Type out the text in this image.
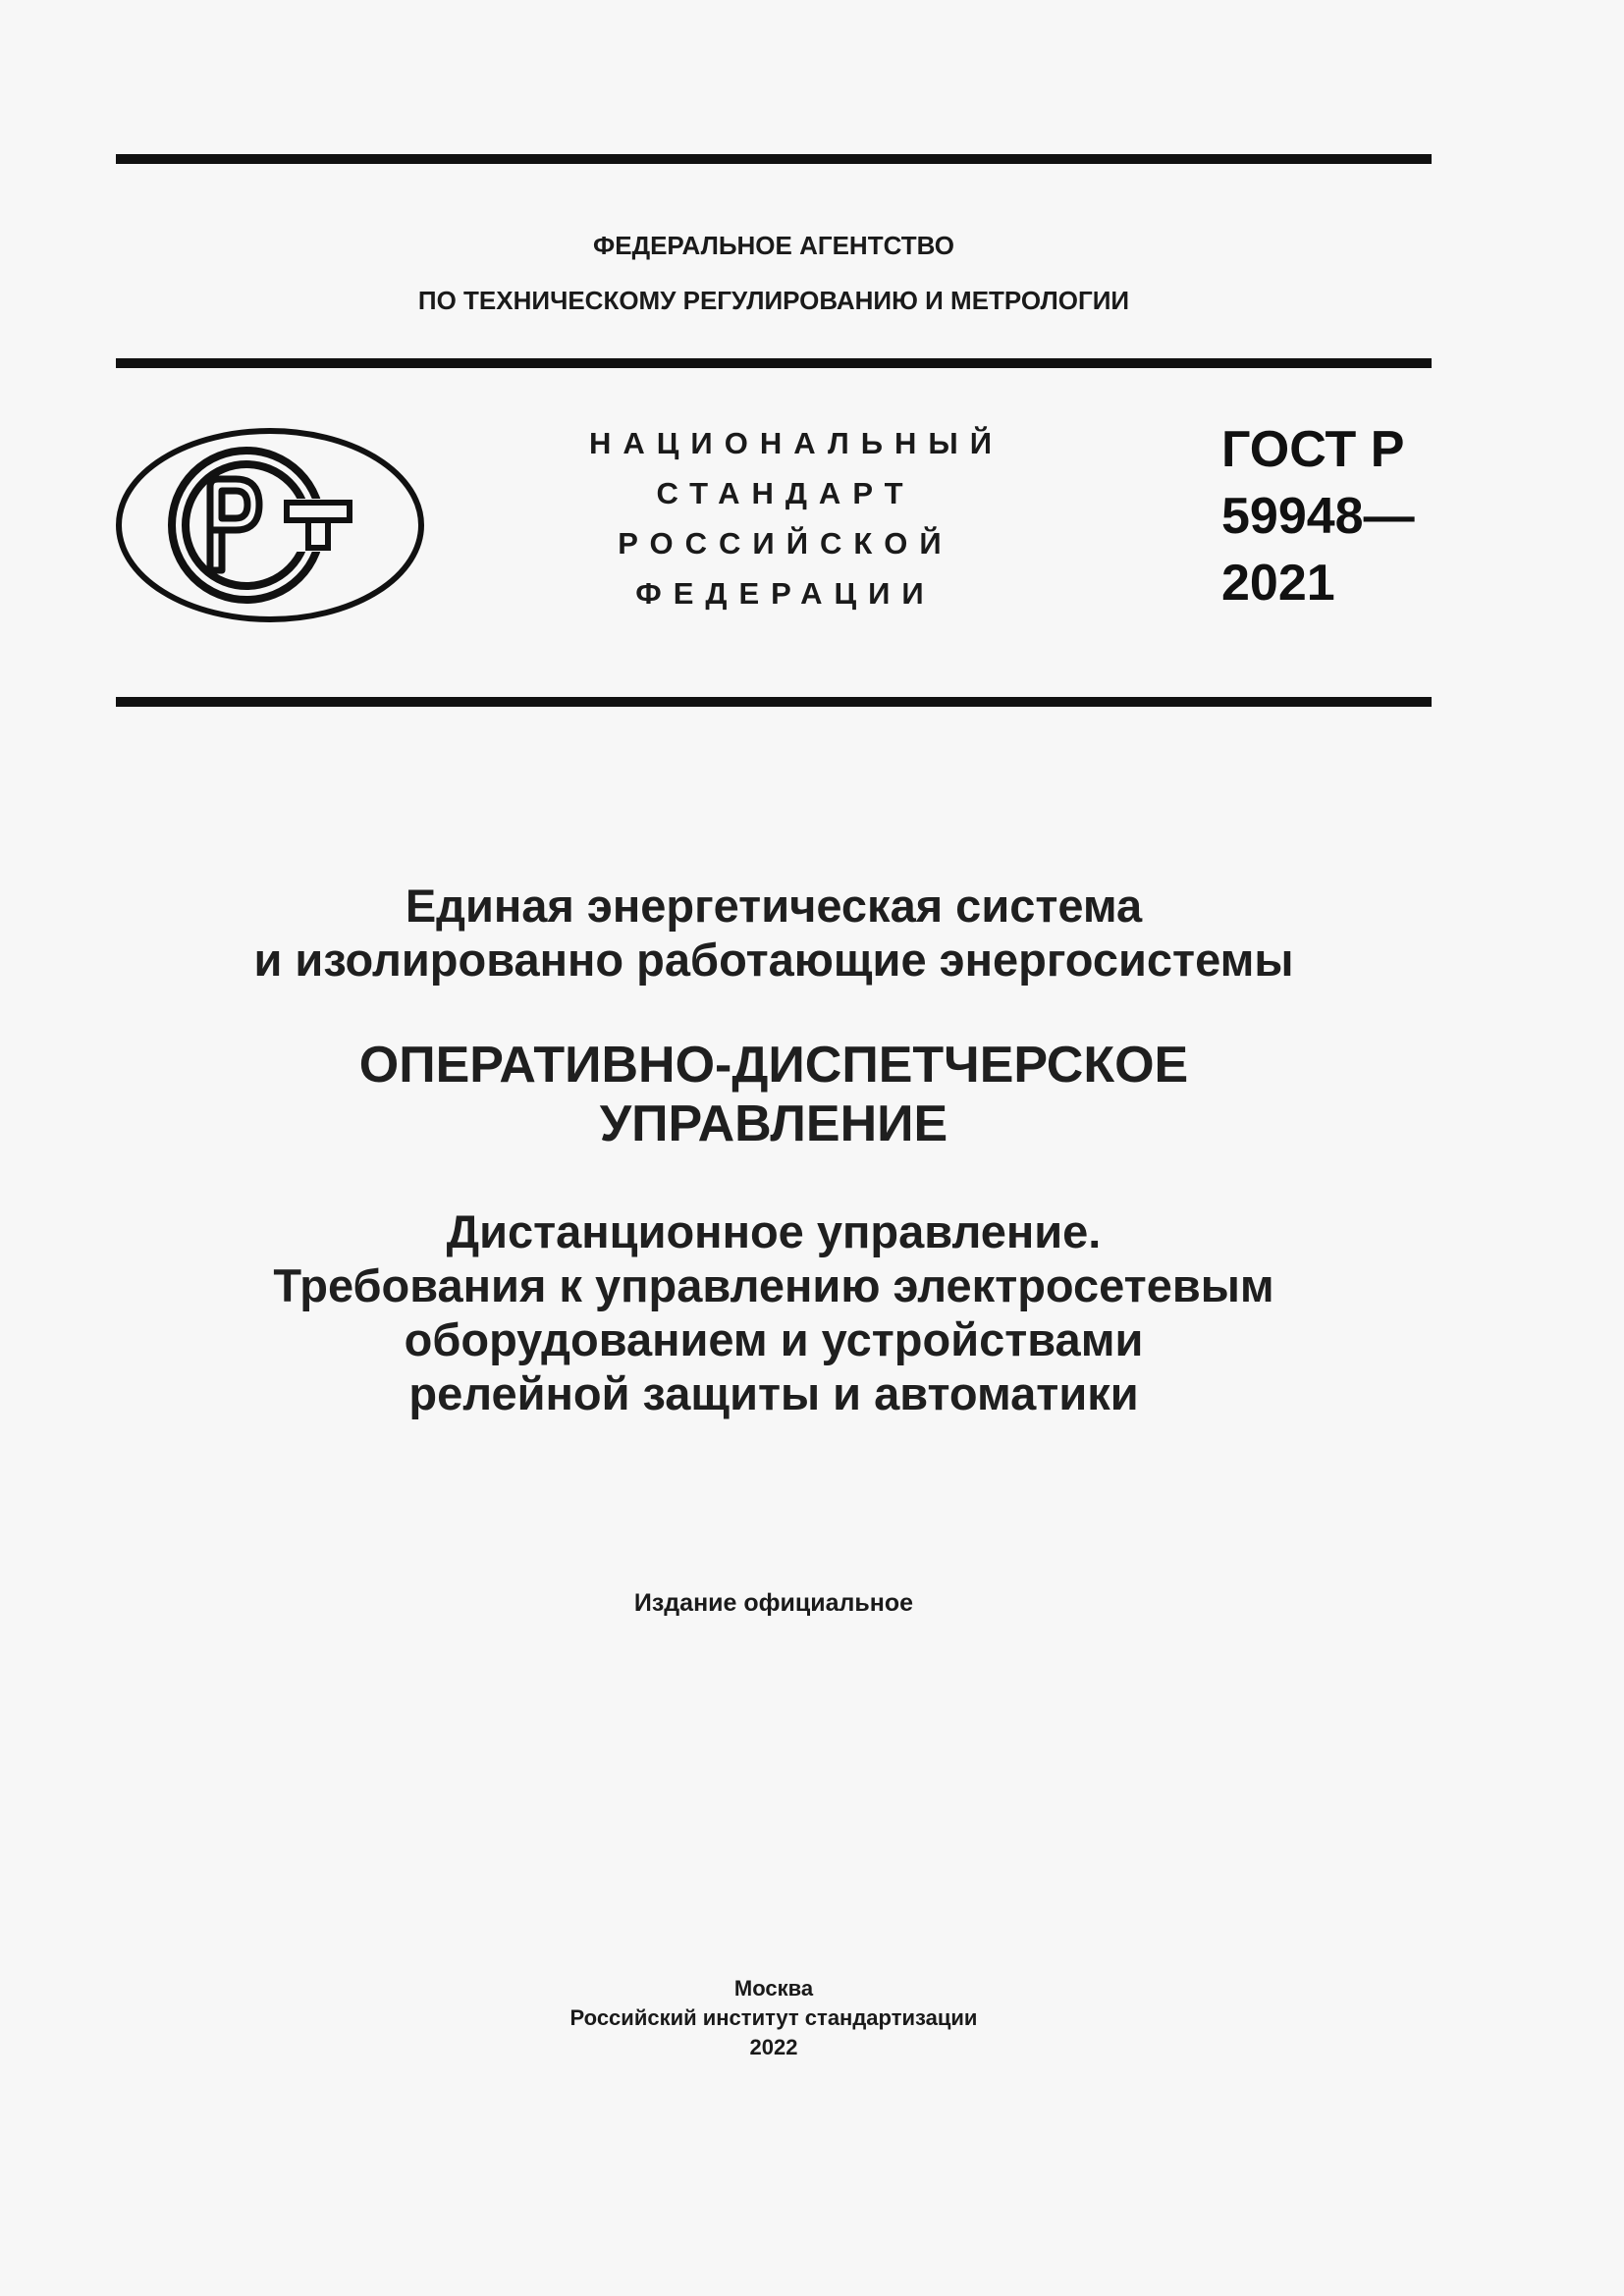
ФЕДЕРАЛЬНОЕ АГЕНТСТВО
ПО ТЕХНИЧЕСКОМУ РЕГУЛИРОВАНИЮ И МЕТРОЛОГИИ
НАЦИОНАЛЬНЫЙ
СТАНДАРТ
РОССИЙСКОЙ
ФЕДЕРАЦИИ
ГОСТ Р
59948—
2021
Единая энергетическая система
и изолированно работающие энергосистемы
ОПЕРАТИВНО-ДИСПЕТЧЕРСКОЕ
УПРАВЛЕНИЕ
Дистанционное управление.
Требования к управлению электросетевым
оборудованием и устройствами
релейной защиты и автоматики
Издание официальное
Москва
Российский институт стандартизации
2022
